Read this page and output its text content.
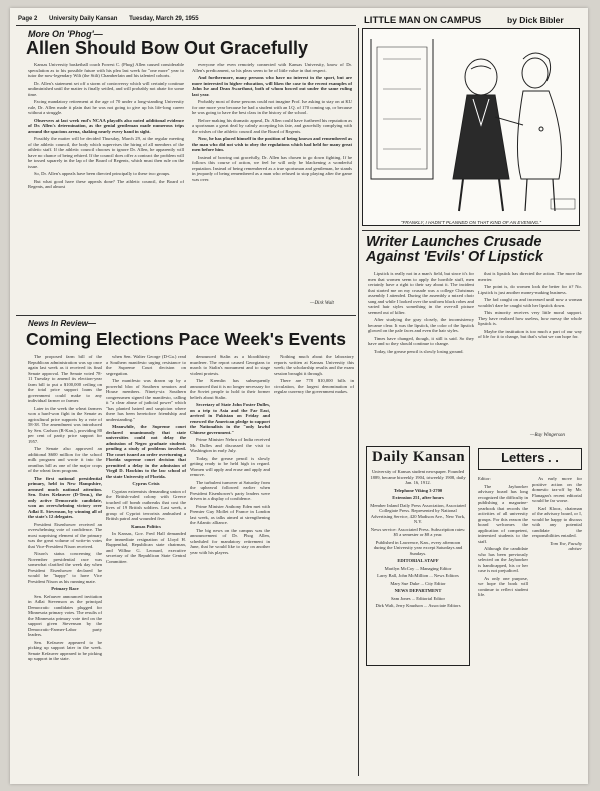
Page 2 University Daily Kansan Tuesday, March 29, 1955
More On 'Phog'—
Allen Should Bow Out Gracefully

Kansas University basketball coach Forrest C. (Phog) Allen caused considerable speculation as to his possible future with his plea last week for "one more" year to tutor the now-legendary Wilt (the Stilt) Chamberlain and his talented cohorts.

Dr. Allen's statement set off a storm of controversy which will certainly continue undiminished until the matter is finally settled, and will probably not abate for some time.

Facing mandatory retirement at the age of 70 under a long-standing University rule, Dr. Allen made it plain that he was not going to give up his life-long career without a struggle.

Observers at last week end's NCAA playoffs also noted additional evidence of Dr. Allen's determination, as the genial gentleman made numerous trips around the spacious arena, shaking nearly every hand in sight.

Possibly the matter will be decided Thursday, March 29, at the regular meeting of the athletic council, the body which supervises the hiring of all members of the athletic staff. If the athletic council chooses to ignore Dr. Allen, he apparently will have no chance of being rehired. If the council does offer a contract the problem will be tossed squarely in the lap of the Board of Regents, which must then rule on the issue.

So, Dr. Allen's appeals have been directed principally to these two groups.

But what good have these appeals done? The athletic council, the Board of Regents, and almost

everyone else even remotely connected with Kansas University, know of Dr. Allen's predicament, so his pleas seem to be of little value in that respect.

And furthermore, many persons who have no interest in the sport, but are more interested in higher education, will liken the case to the recent examples of John Ise and Dean Swarthout, both of whom bowed out under the same ruling last year.

Probably most of these persons could not imagine Prof. Ise asking to stay on at KU for one more year because he had a student with an I.Q. of 170 coming up, or because he was going to have the best class in the history of the school.

Before making his dramatic appeal, Dr. Allen could have furthered his reputation as a sportsman a great deal by calmly accepting his fate, and gracefully complying with the wishes of the athletic council and the Board of Regents.

Now, he has placed himself in the position of being known and remembered as the man who did not wish to obey the regulations which had held for many great men before him.

Instead of bowing out gracefully, Dr. Allen has chosen to go down fighting. If he follows this course of action, we feel he will only be blackening a wonderful reputation. Instead of being remembered as a true sportsman and gentleman, he stands in jeopardy of being remembered as a man who refused to stop playing after the game was over.

—Dirk Walt
News In Review—
Coming Elections Pace Week's Events

The proposed farm bill of the Republican administration was up once again last week as it received its final Senate approval. The Senate voted 78-11 Tuesday to amend its election-year farm bill to put a $100,000 ceiling on the total price support loans the government could make to any individual farmer or farmer.

Later in the week the wheat farmers won a hard-won fight in the Senate as agricultural price supports by a vote of 58-38. The amendment was introduced by Sen. Carlson (R-Kan.), providing 80 per cent of parity price support for 1957.

The Senate also approved an additional $600 million for the school milk program and wrote it into the omnibus bill as one of the major crops of the wheat farm program.

The first national presidential primary, held in New Hampshire, aroused much national attention. Sen. Estes Kefauver (D-Tenn.), the only active Democratic candidate, won an overwhelming victory over Adlai E. Stevenson, by winning all of the state's 12 delegates.

President Eisenhower received an overwhelming vote of confidence. The most surprising element of the primary was the great volume of write-in votes that Vice-President Nixon received.

Nixon's status concerning the November presidential race was somewhat clarified the week day when President Eisenhower declared he would be "happy" to have Vice President Nixon as his running mate.

Primary Race

Sen. Kefauver announced invitation in Adlai Stevenson as the principal Democratic candidates plugged for Minnesota primary votes. The results of the Minnesota primary vote tied on the support given Stevenson by the Democratic-Farmer-Labor party leaders.

Sen. Kefauver appeared to be picking up support later in the week. Senate Kefauver appeared to be picking up support in the state.

when Sen. Walter George (D-Ga.) read a Southern manifesto urging resistance to the Supreme Court decision on segregation.

The manifesto was drawn up by a powerful bloc of Southern senators and House members. Ninety-six Southern congressmen signed the manifesto, calling it "a clear abuse of judicial power" which "has planted hatred and suspicion where there has been heretofore friendship and understanding."

Meanwhile, the Supreme court declared unanimously that state universities could not delay the admission of Negro graduate students pending a study of problems involved. The court issued an order overturning a Florida supreme court decision that permitted a delay in the admission of Virgil D. Hawkins to the law school of the state University of Florida.

Cyprus Crisis

Cyprian extremists demanding union of the British-ruled colony with Greece touched off bomb outbreaks that cost the lives of 19 British soldiers. Last week, a group of Cypriot terrorists ambushed a British patrol and wounded five.

Kansas Politics

In Kansas, Gov. Fred Hall demanded the immediate resignation of Lloyd H. Ruppenthal, Republican state chairman, and Wilbur G. Leonard, executive secretary of the Republican State Central Committee.

denounced Stalin as a bloodthirsty murderer. The report caused Georgians to march to Stalin's monument and to stage violent protests.

The Kremlin has subsequently announced that it is no longer necessary for the Soviet people to hold to their former beliefs about Stalin.

Secretary of State John Foster Dulles, on a trip to Asia and the Far East, arrived in Pakistan on Friday and renewed the American pledge to support the Nationalists in the "only lawful Chinese government."

Prime Minister Nehru of India received Mr. Dulles and discussed the visit to Washington in early July.

Today, the grease pencil is slowly getting ready to be held high in regard. Women will apply and erase and apply and remove.

The turbulent turnover at Saturday from the upheaval followed earlier when President Eisenhower's party leaders were driven in a display of confidence.

Prime Minister Anthony Eden met with Premier Guy Mollet of France in London last week, as talks aimed at strengthening the Atlantic alliance.

The big news on the campus was the announcement of Dr. Phog Allen, scheduled for mandatory retirement in June, that he would like to stay on another year with his players.

Nothing much about the laboratory reports written at Kansas University this week; the scholarship results and the exam session brought it through.

There are 778 $10,000 bills in circulation, the largest denomination of regular currency the government makes.

LITTLE MAN ON CAMPUS	by Dick Bibler
"FRANKLY, I HADN'T PLANNED ON THAT KIND OF AN EVENING."
Writer Launches Crusade
Against 'Evils' Of Lipstick

Lipstick is really not in a man's field, but since it's for men that women seem to apply the horrible stuff, men certainly have a right to their say about it. The incident that started me on my crusade was a college Christmas assembly I attended. During the assembly a mixed choir sang and while I looked over the uniform black robes and varied hair styles something in the over-all picture seemed out of kilter.

After studying the gray closely, the inconsistency became clear. It was the lipstick, the color of the lipstick glowed on the pale faces and even the hair styles.

Times have changed, though, it still is said. So they have and so they should continue to change.

Today, the grease pencil is slowly losing ground.

that is lipstick has directed the action. The more the merrier.

The point is, do women look the better for it? No. Lipstick is just another money-making business.

The fad caught on and increased until now a woman wouldn't dare be caught with her lipstick down.

This minority receives very little moral support. They have realized how useless, how messy the whole lipstick is.

Maybe the institution is too much a part of our way of life for it to change, but that's what we can hope for.

—Ray Wingerson
Daily Kansan

University of Kansas student newspaper. Founded 1889, became biweekly 1904, triweekly 1908, daily Jan. 16, 1912.

Telephone Viking 3-2700

Extension 251, after hours

Member Inland Daily Press Association, Associated Collegiate Press. Represented by National Advertising Service, 420 Madison Ave., New York, N.Y.

News service: Associated Press. Subscription rates: $5 a semester or $8 a year.

Published in Lawrence, Kan., every afternoon during the University year except Saturdays and Sundays.

EDITORIAL STAFF

Marilyn McCoy ... Managing Editor

Larry Ball, John McMillion ... News Editors

Mary Sue Duke ... City Editor

NEWS DEPARTMENT

Sam Jones ... Editorial Editor

Dirk Walt, Jerry Knudson ... Associate Editors

Letters . .

Editor:

The Jayhawker advisory board has long recognized the difficulty in publishing a magazine-yearbook that records the activities of all university groups. For this reason the board welcomes the application of competent, interested students to the staff.

Although the candidate who has been previously selected on the Jayhawker is handicapped, his or her case is not prejudiced.

As only one purpose, we hope the book will continue to reflect student life.

As early move for positive action on the domestic tax-off by Mr. Flanagan's recent editorial would be far worse.

Karl Klooz, chairman of the advisory board, or I, would be happy to discuss with any potential candidate the responsibilities entailed.

Tom Yoe, Faculty adviser
